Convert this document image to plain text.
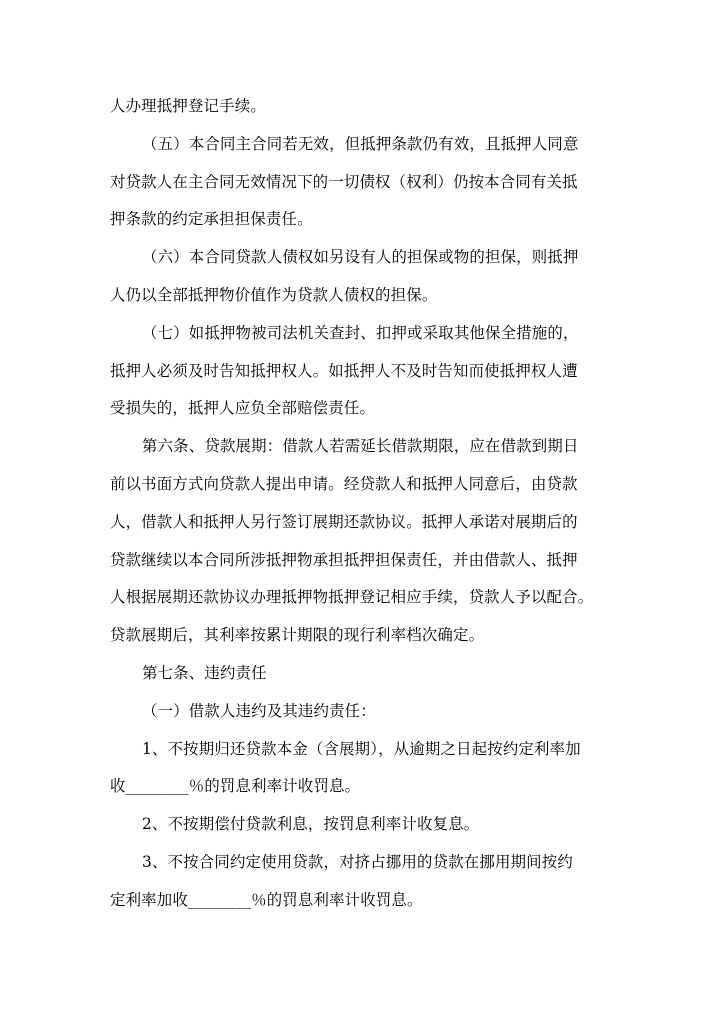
人办理抵押登记手续。

（五）本合同主合同若无效，但抵押条款仍有效，且抵押人同意
对贷款人在主合同无效情况下的一切债权（权利）仍按本合同有关抵
押条款的约定承担担保责任。

（六）本合同贷款人债权如另设有人的担保或物的担保，则抵押
人仍以全部抵押物价值作为贷款人债权的担保。

（七）如抵押物被司法机关查封、扣押或采取其他保全措施的，
抵押人必须及时告知抵押权人。如抵押人不及时告知而使抵押权人遭
受损失的，抵押人应负全部赔偿责任。

第六条、贷款展期：借款人若需延长借款期限，应在借款到期日
前以书面方式向贷款人提出申请。经贷款人和抵押人同意后，由贷款
人，借款人和抵押人另行签订展期还款协议。抵押人承诺对展期后的
贷款继续以本合同所涉抵押物承担抵押担保责任，并由借款人、抵押
人根据展期还款协议办理抵押物抵押登记相应手续，贷款人予以配合。
贷款展期后，其利率按累计期限的现行利率档次确定。

第七条、违约责任

（一）借款人违约及其违约责任：

1、不按期归还贷款本金（含展期），从逾期之日起按约定利率加
收________％的罚息利率计收罚息。

2、不按期偿付贷款利息，按罚息利率计收复息。

3、不按合同约定使用贷款，对挤占挪用的贷款在挪用期间按约
定利率加收________％的罚息利率计收罚息。
